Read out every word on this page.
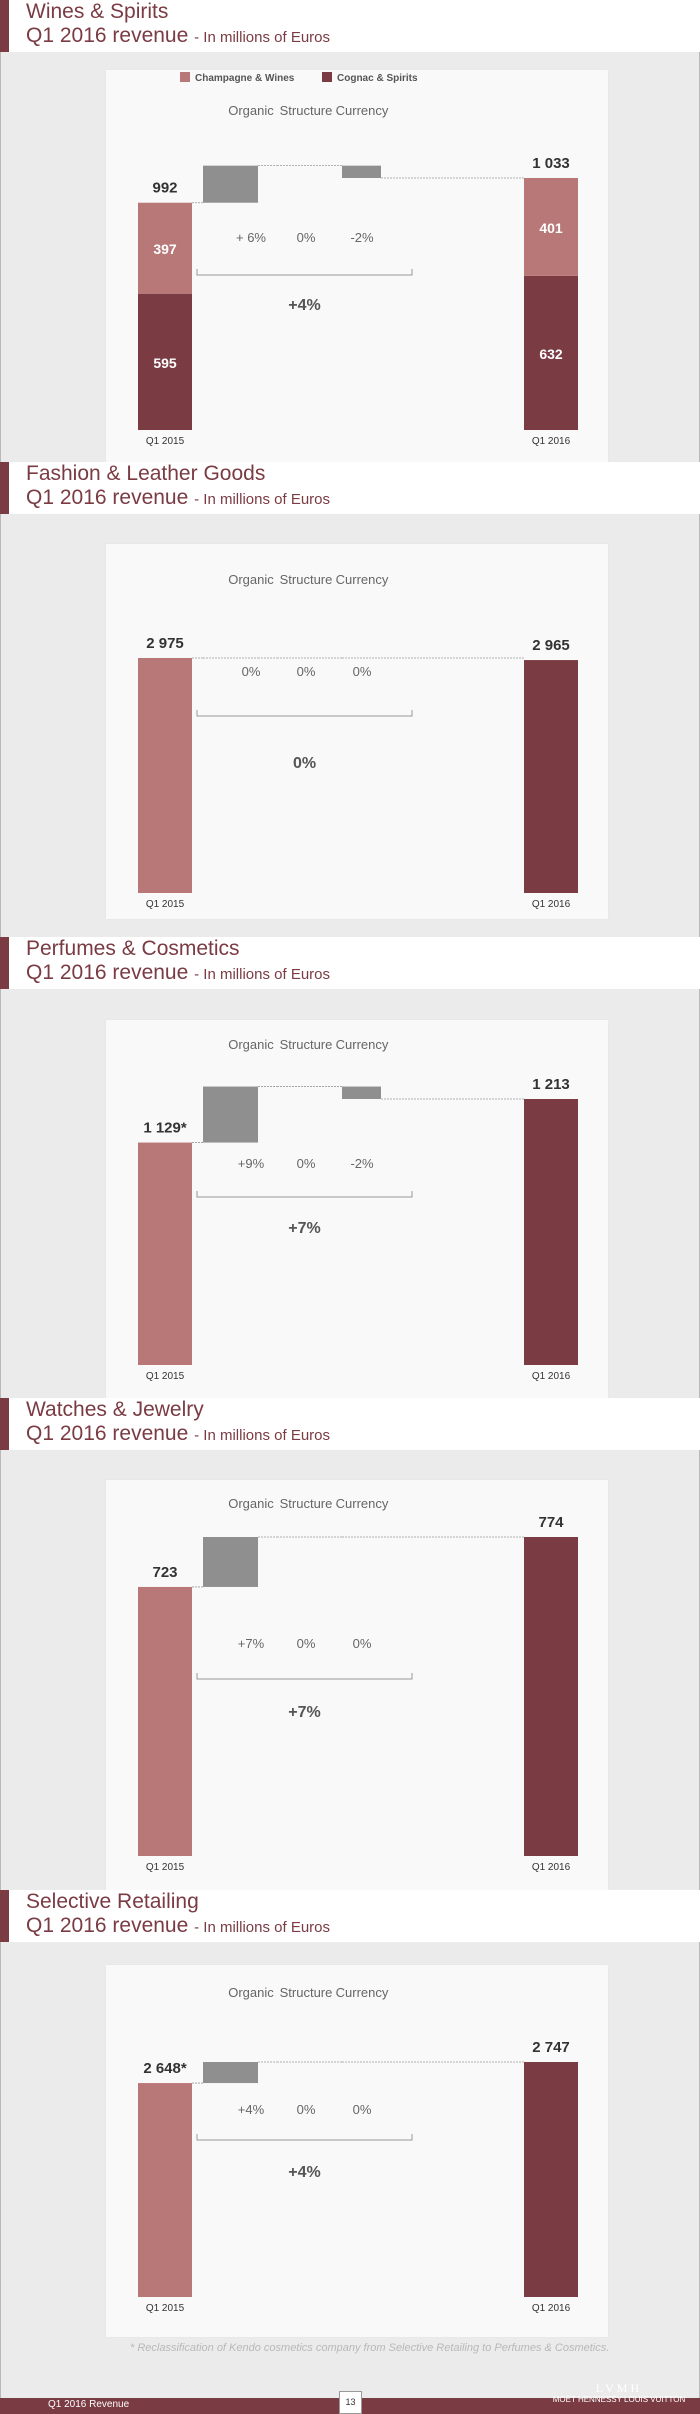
Wines & Spirits
Q1 2016 revenue - In millions of Euros
Champagne & Wines	Cognac & Spirits
Organic Structure Currency
595
397
632
401
992
1 033
Q1 2015	Q1 2016
+ 6% 0%	-2%
+4%
Fashion & Leather Goods
Q1 2016 revenue - In millions of Euros
Organic Structure Currency
2 975	2 965
Q1 2015	Q1 2016
0%	0%	0%
0%
Perfumes & Cosmetics
Q1 2016 revenue - In millions of Euros
Organic Structure Currency
1 129*
1 213
Q1 2015	Q1 2016
+9% 0%	-2%
+7%
Watches & Jewelry
Q1 2016 revenue - In millions of Euros
Organic Structure Currency
723
774
Q1 2015	Q1 2016
+7% 0%	0%
+7%
Selective Retailing
Q1 2016 revenue - In millions of Euros
Organic Structure Currency
2 648*
2 747
Q1 2015	Q1 2016
+4% 0%	0%
+4%
* Reclassification of Kendo cosmetics company from Selective Retailing to Perfumes & Cosmetics.
Q1 2016 Revenue	13
LVMH
MOËT HENNESSY LOUIS VUITTON
